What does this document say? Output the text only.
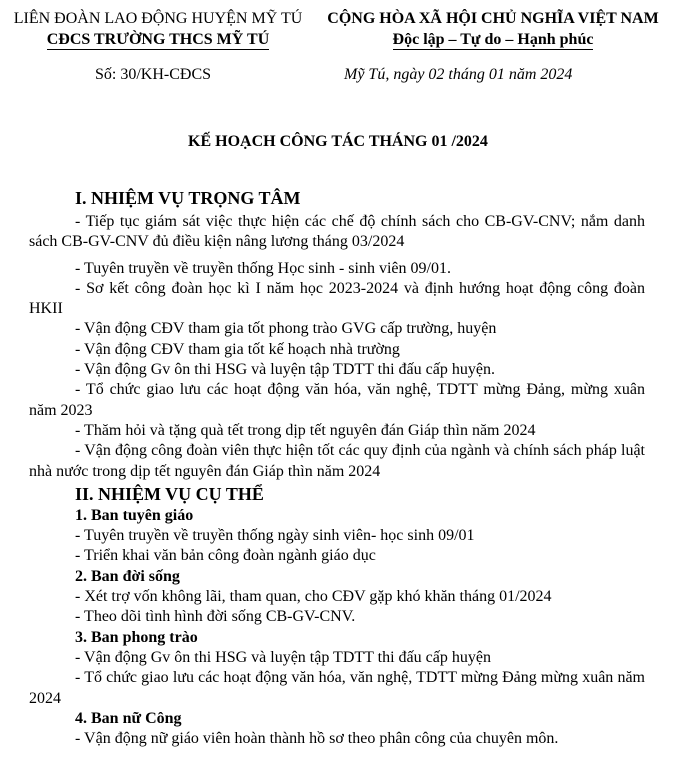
LIÊN ĐOÀN LAO ĐỘNG HUYỆN MỸ TÚ
CĐCS TRƯỜNG THCS MỸ TÚ
CỘNG HÒA XÃ HỘI CHỦ NGHĨA VIỆT NAM
Độc lập – Tự do – Hạnh phúc
Số: 30/KH-CĐCS	Mỹ Tú, ngày 02 tháng 01 năm 2024
KẾ HOẠCH CÔNG TÁC THÁNG 01 /2024
I. NHIỆM VỤ TRỌNG TÂM
- Tiếp tục giám sát việc thực hiện các chế độ chính sách cho CB-GV-CNV; nắm danh sách CB-GV-CNV đủ điều kiện nâng lương tháng 03/2024
- Tuyên truyền về truyền thống Học sinh - sinh viên 09/01.
- Sơ kết công đoàn học kì I năm học 2023-2024 và định hướng hoạt động công đoàn HKII
- Vận động CĐV tham gia tốt phong trào GVG cấp trường, huyện
- Vận động CĐV tham gia tốt kế hoạch nhà trường
- Vận động Gv ôn thi HSG và luyện tập TDTT thi đấu cấp huyện.
- Tổ chức giao lưu các hoạt động văn hóa, văn nghệ, TDTT mừng Đảng, mừng xuân năm 2023
- Thăm hỏi và tặng quà tết trong dịp tết nguyên đán Giáp thìn năm 2024
- Vận động công đoàn viên thực hiện tốt các quy định của ngành và chính sách pháp luật nhà nước trong dịp tết nguyên đán Giáp thìn năm 2024
II. NHIỆM VỤ CỤ THỂ
1. Ban tuyên giáo
- Tuyên truyền về truyền thống ngày sinh viên- học sinh 09/01
- Triển khai văn bản công đoàn ngành giáo dục
2. Ban đời sống
- Xét trợ vốn không lãi, tham quan, cho CĐV gặp khó khăn tháng 01/2024
- Theo dõi tình hình đời sống CB-GV-CNV.
3. Ban phong trào
- Vận động Gv ôn thi HSG và luyện tập TDTT thi đấu cấp huyện
- Tổ chức giao lưu các hoạt động văn hóa, văn nghệ, TDTT mừng Đảng mừng xuân năm 2024
4. Ban nữ Công
- Vận động nữ giáo viên hoàn thành hồ sơ theo phân công của chuyên môn.
